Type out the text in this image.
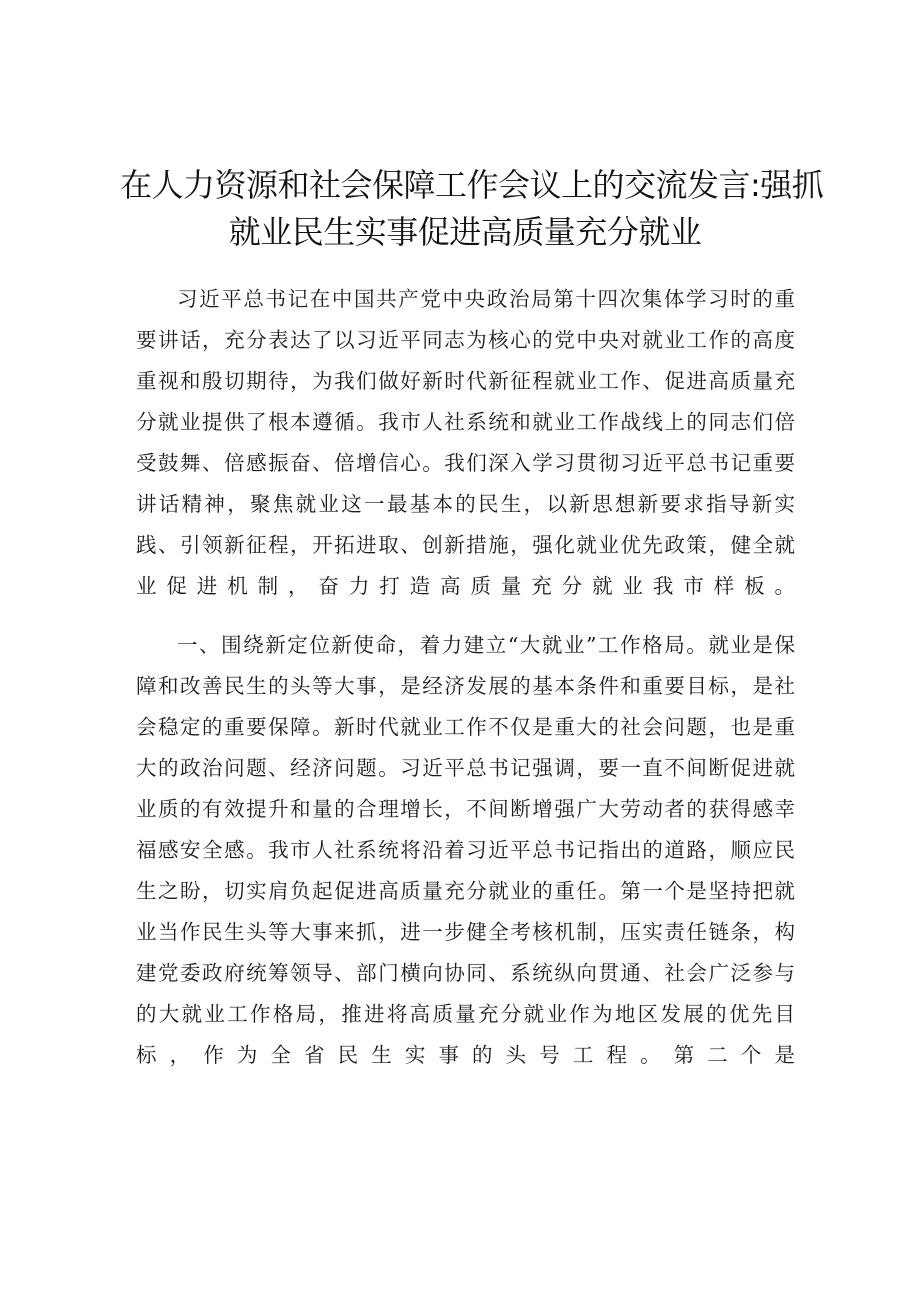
在人力资源和社会保障工作会议上的交流发言:强抓
就业民生实事促进高质量充分就业

习近平总书记在中国共产党中央政治局第十四次集体学习时的重要讲话，充分表达了以习近平同志为核心的党中央对就业工作的高度重视和殷切期待，为我们做好新时代新征程就业工作、促进高质量充分就业提供了根本遵循。我市人社系统和就业工作战线上的同志们倍受鼓舞、倍感振奋、倍增信心。我们深入学习贯彻习近平总书记重要讲话精神，聚焦就业这一最基本的民生，以新思想新要求指导新实践、引领新征程，开拓进取、创新措施，强化就业优先政策，健全就业促进机制，奋力打造高质量充分就业我市样板。

一、围绕新定位新使命，着力建立“大就业”工作格局。就业是保障和改善民生的头等大事，是经济发展的基本条件和重要目标，是社会稳定的重要保障。新时代就业工作不仅是重大的社会问题，也是重大的政治问题、经济问题。习近平总书记强调，要一直不间断促进就业质的有效提升和量的合理增长，不间断增强广大劳动者的获得感幸福感安全感。我市人社系统将沿着习近平总书记指出的道路，顺应民生之盼，切实肩负起促进高质量充分就业的重任。第一个是坚持把就业当作民生头等大事来抓，进一步健全考核机制，压实责任链条，构建党委政府统筹领导、部门横向协同、系统纵向贯通、社会广泛参与的大就业工作格局，推进将高质量充分就业作为地区发展的优先目标，作为全省民生实事的头号工程。第二个是
